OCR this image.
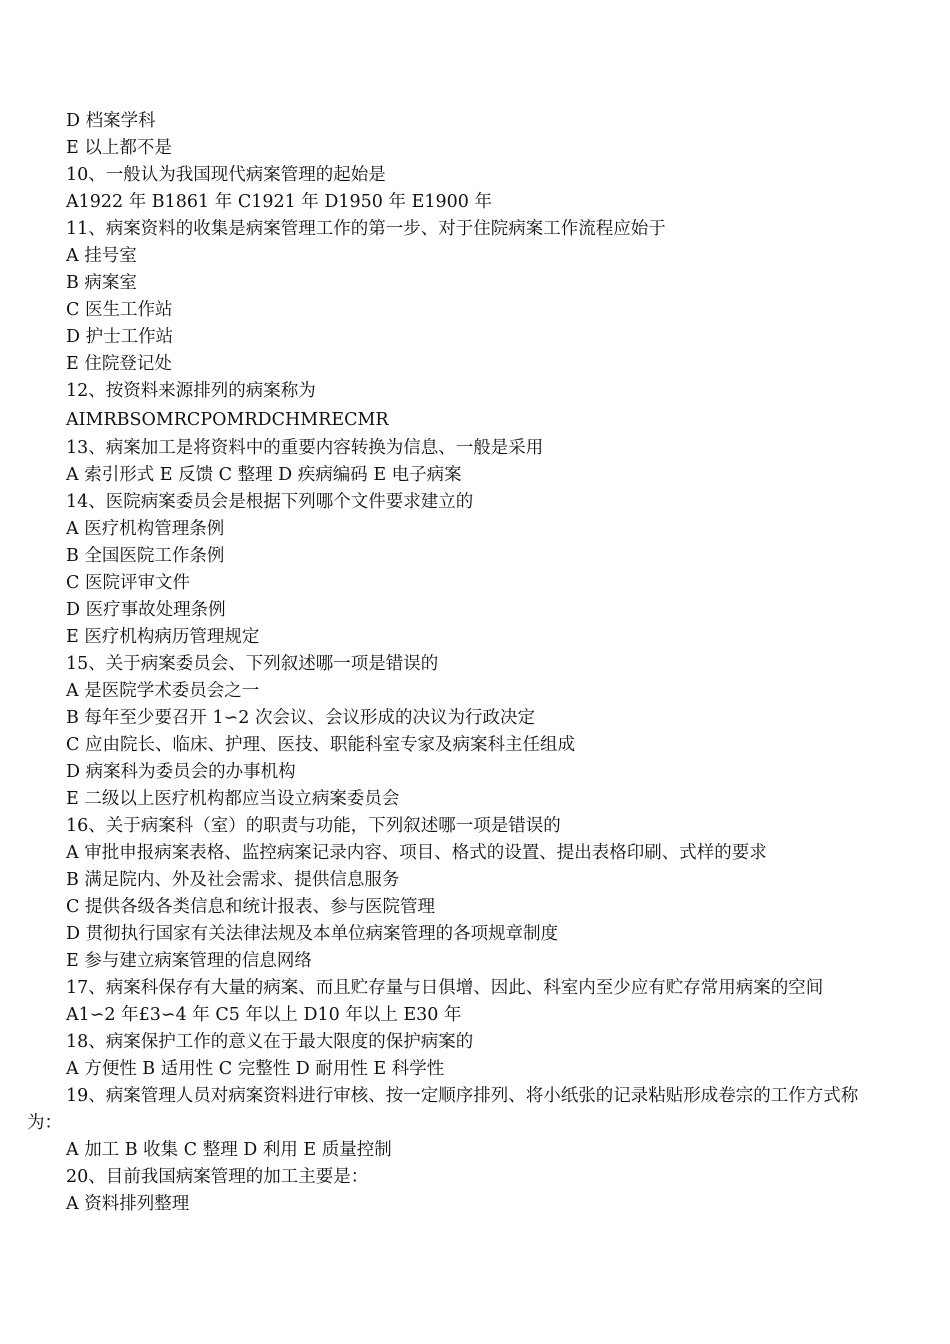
D 档案学科
E 以上都不是
10、一般认为我国现代病案管理的起始是
A1922 年 B1861 年 C1921 年 D1950 年 E1900 年
11、病案资料的收集是病案管理工作的第一步、对于住院病案工作流程应始于
A 挂号室
B 病案室
C 医生工作站
D 护士工作站
E 住院登记处
12、按资料来源排列的病案称为
AIMRBSOMRCPOMRDCHMRECMR
13、病案加工是将资料中的重要内容转换为信息、一般是采用
A 索引形式 E 反馈 C 整理 D 疾病编码 E 电子病案
14、医院病案委员会是根据下列哪个文件要求建立的
A 医疗机构管理条例
B 全国医院工作条例
C 医院评审文件
D 医疗事故处理条例
E 医疗机构病历管理规定
15、关于病案委员会、下列叙述哪一项是错误的
A 是医院学术委员会之一
B 每年至少要召开 1∽2 次会议、会议形成的决议为行政决定
C 应由院长、临床、护理、医技、职能科室专家及病案科主任组成
D 病案科为委员会的办事机构
E 二级以上医疗机构都应当设立病案委员会
16、关于病案科（室）的职责与功能，下列叙述哪一项是错误的
A 审批申报病案表格、监控病案记录内容、项目、格式的设置、提出表格印刷、式样的要求
B 满足院内、外及社会需求、提供信息服务
C 提供各级各类信息和统计报表、参与医院管理
D 贯彻执行国家有关法律法规及本单位病案管理的各项规章制度
E 参与建立病案管理的信息网络
17、病案科保存有大量的病案、而且贮存量与日俱增、因此、科室内至少应有贮存常用病案的空间
A1∽2 年£3∽4 年 C5 年以上 D10 年以上 E30 年
18、病案保护工作的意义在于最大限度的保护病案的
A 方便性 B 适用性 C 完整性 D 耐用性 E 科学性
19、病案管理人员对病案资料进行审核、按一定顺序排列、将小纸张的记录粘贴形成卷宗的工作方式称为：
A 加工 B 收集 C 整理 D 利用 E 质量控制
20、目前我国病案管理的加工主要是：
A 资料排列整理
